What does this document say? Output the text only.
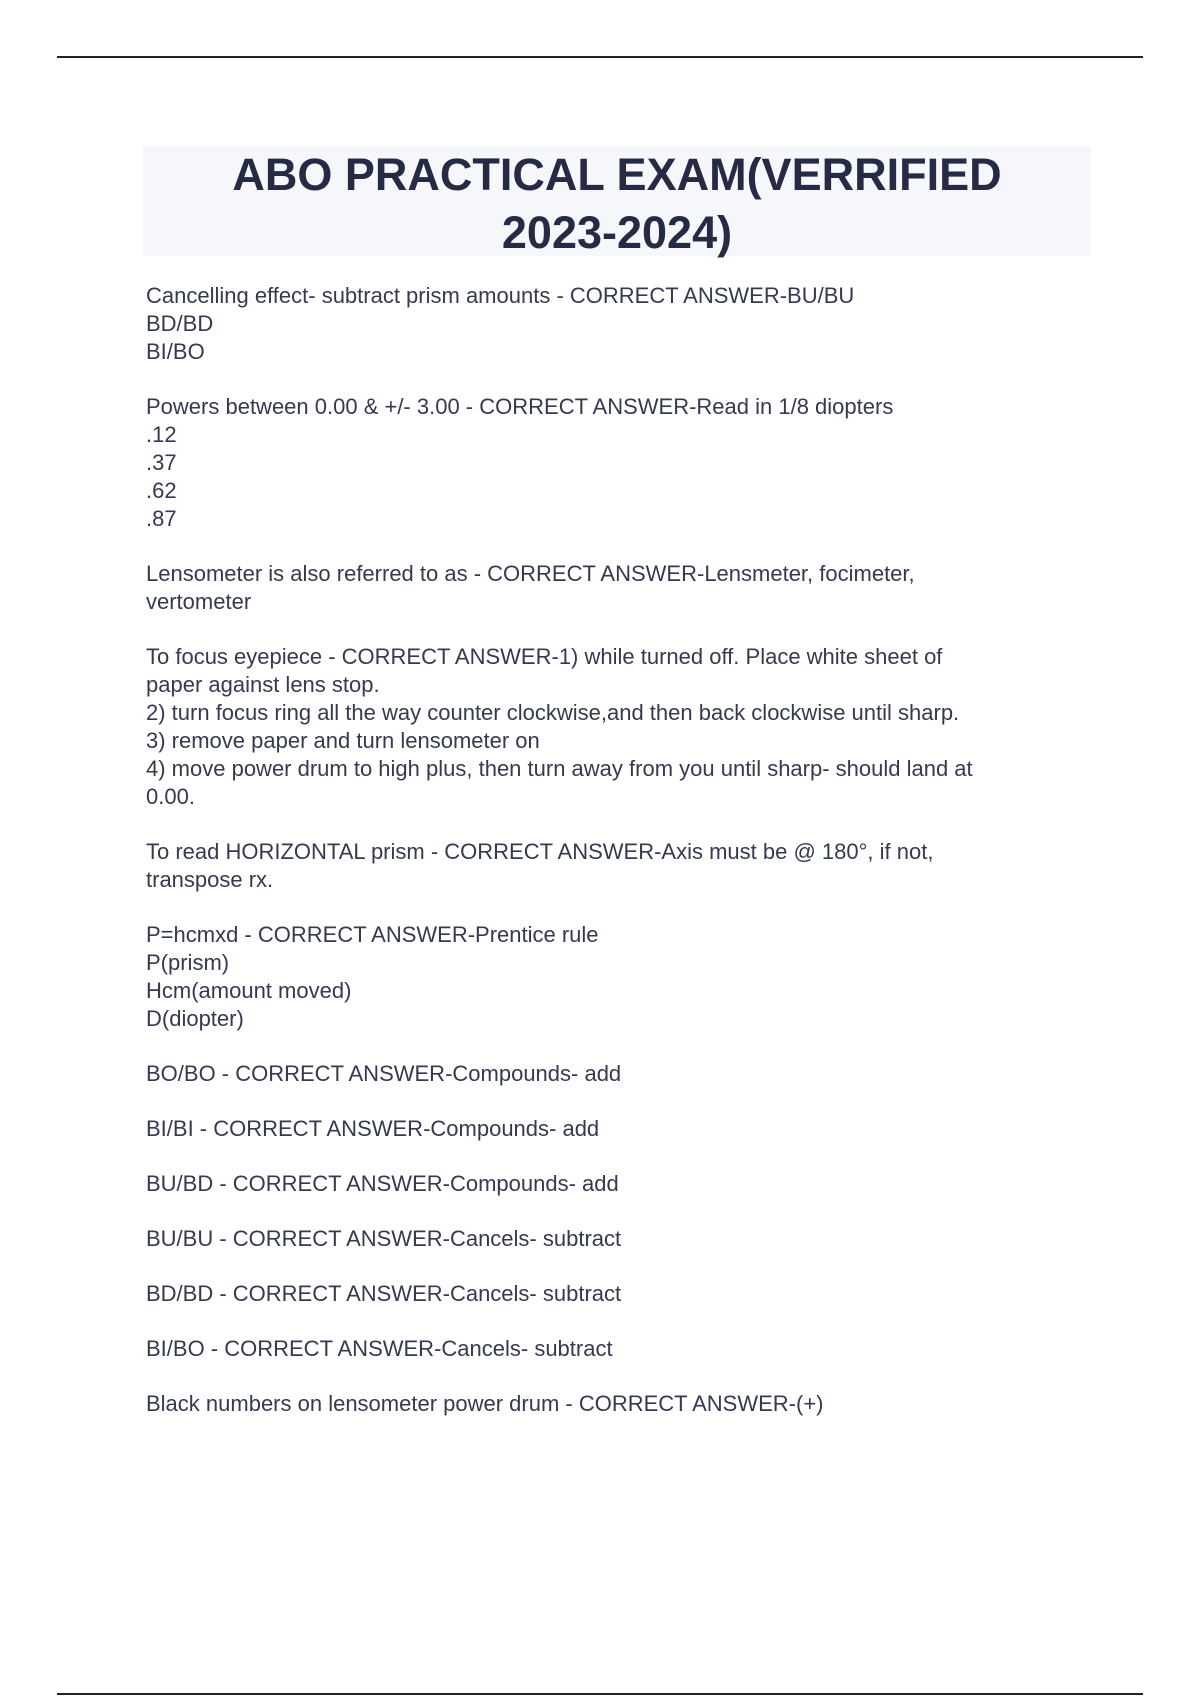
ABO PRACTICAL EXAM(VERRIFIED
2023-2024)
Cancelling effect- subtract prism amounts - CORRECT ANSWER-BU/BU
BD/BD
BI/BO
Powers between 0.00 & +/- 3.00 - CORRECT ANSWER-Read in 1/8 diopters
.12
.37
.62
.87
Lensometer is also referred to as - CORRECT ANSWER-Lensmeter, focimeter,
vertometer
To focus eyepiece - CORRECT ANSWER-1) while turned off. Place white sheet of
paper against lens stop.
2) turn focus ring all the way counter clockwise,and then back clockwise until sharp.
3) remove paper and turn lensometer on
4) move power drum to high plus, then turn away from you until sharp- should land at
0.00.
To read HORIZONTAL prism - CORRECT ANSWER-Axis must be @ 180°, if not,
transpose rx.
P=hcmxd - CORRECT ANSWER-Prentice rule
P(prism)
Hcm(amount moved)
D(diopter)
BO/BO - CORRECT ANSWER-Compounds- add
BI/BI - CORRECT ANSWER-Compounds- add
BU/BD - CORRECT ANSWER-Compounds- add
BU/BU - CORRECT ANSWER-Cancels- subtract
BD/BD - CORRECT ANSWER-Cancels- subtract
BI/BO - CORRECT ANSWER-Cancels- subtract
Black numbers on lensometer power drum - CORRECT ANSWER-(+)
